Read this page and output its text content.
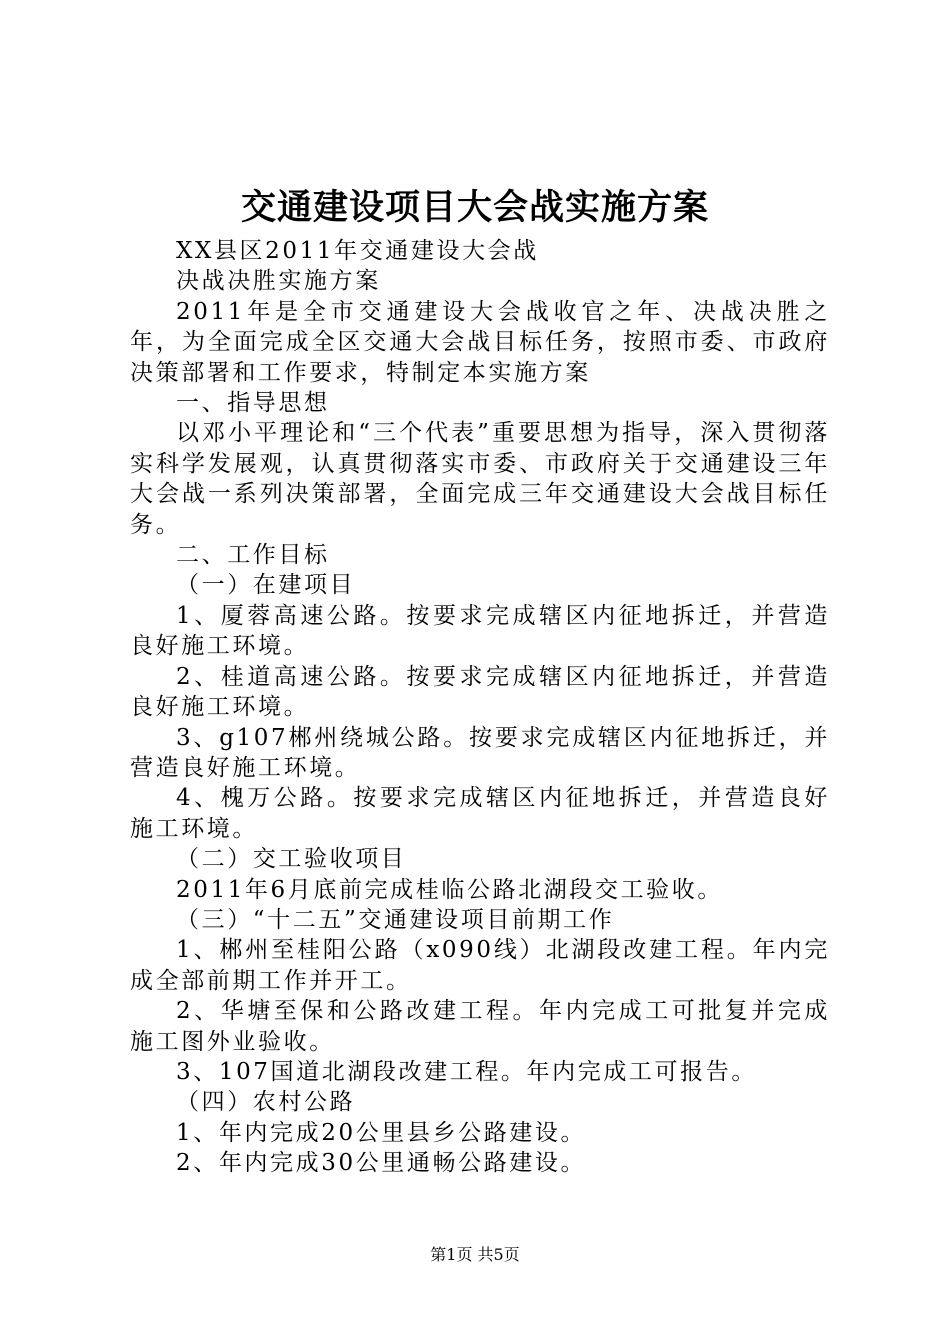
交通建设项目大会战实施方案

XX县区2011年交通建设大会战

决战决胜实施方案

2011年是全市交通建设大会战收官之年、决战决胜之年，为全面完成全区交通大会战目标任务，按照市委、市政府决策部署和工作要求，特制定本实施方案

一、指导思想

以邓小平理论和“三个代表”重要思想为指导，深入贯彻落实科学发展观，认真贯彻落实市委、市政府关于交通建设三年大会战一系列决策部署，全面完成三年交通建设大会战目标任务。

二、工作目标

（一）在建项目

1、厦蓉高速公路。按要求完成辖区内征地拆迁，并营造良好施工环境。

2、桂道高速公路。按要求完成辖区内征地拆迁，并营造良好施工环境。

3、g107郴州绕城公路。按要求完成辖区内征地拆迁，并营造良好施工环境。

4、槐万公路。按要求完成辖区内征地拆迁，并营造良好施工环境。

（二）交工验收项目

2011年6月底前完成桂临公路北湖段交工验收。

（三）“十二五”交通建设项目前期工作

1、郴州至桂阳公路（x090线）北湖段改建工程。年内完成全部前期工作并开工。

2、华塘至保和公路改建工程。年内完成工可批复并完成施工图外业验收。

3、107国道北湖段改建工程。年内完成工可报告。

（四）农村公路

1、年内完成20公里县乡公路建设。

2、年内完成30公里通畅公路建设。

第1页 共5页
